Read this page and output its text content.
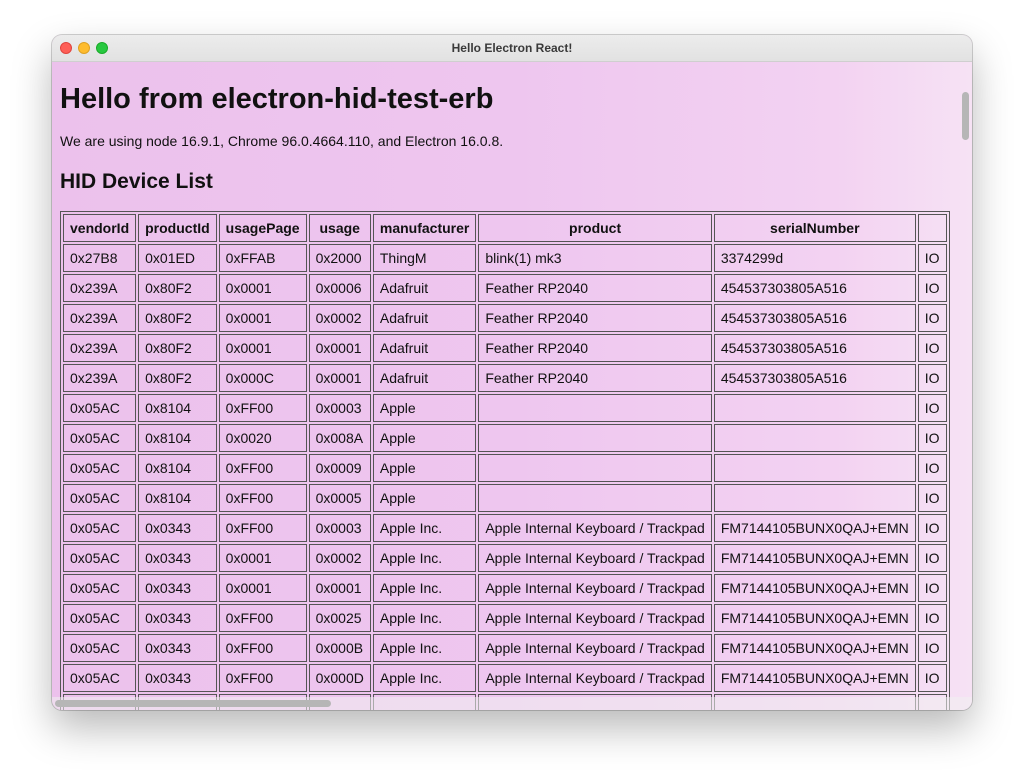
Hello Electron React!
Hello from electron-hid-test-erb

We are using node 16.9.1, Chrome 96.0.4664.110, and Electron 16.0.8.

HID Device List
vendorId	productId	usagePage	usage	manufacturer	product	serialNumber	
0x27B8	0x01ED	0xFFAB	0x2000	ThingM	blink(1) mk3	3374299d	IO
0x239A	0x80F2	0x0001	0x0006	Adafruit	Feather RP2040	454537303805A516	IO
0x239A	0x80F2	0x0001	0x0002	Adafruit	Feather RP2040	454537303805A516	IO
0x239A	0x80F2	0x0001	0x0001	Adafruit	Feather RP2040	454537303805A516	IO
0x239A	0x80F2	0x000C	0x0001	Adafruit	Feather RP2040	454537303805A516	IO
0x05AC	0x8104	0xFF00	0x0003	Apple			IO
0x05AC	0x8104	0x0020	0x008A	Apple			IO
0x05AC	0x8104	0xFF00	0x0009	Apple			IO
0x05AC	0x8104	0xFF00	0x0005	Apple			IO
0x05AC	0x0343	0xFF00	0x0003	Apple Inc.	Apple Internal Keyboard / Trackpad	FM7144105BUNX0QAJ+EMN	IO
0x05AC	0x0343	0x0001	0x0002	Apple Inc.	Apple Internal Keyboard / Trackpad	FM7144105BUNX0QAJ+EMN	IO
0x05AC	0x0343	0x0001	0x0001	Apple Inc.	Apple Internal Keyboard / Trackpad	FM7144105BUNX0QAJ+EMN	IO
0x05AC	0x0343	0xFF00	0x0025	Apple Inc.	Apple Internal Keyboard / Trackpad	FM7144105BUNX0QAJ+EMN	IO
0x05AC	0x0343	0xFF00	0x000B	Apple Inc.	Apple Internal Keyboard / Trackpad	FM7144105BUNX0QAJ+EMN	IO
0x05AC	0x0343	0xFF00	0x000D	Apple Inc.	Apple Internal Keyboard / Trackpad	FM7144105BUNX0QAJ+EMN	IO
